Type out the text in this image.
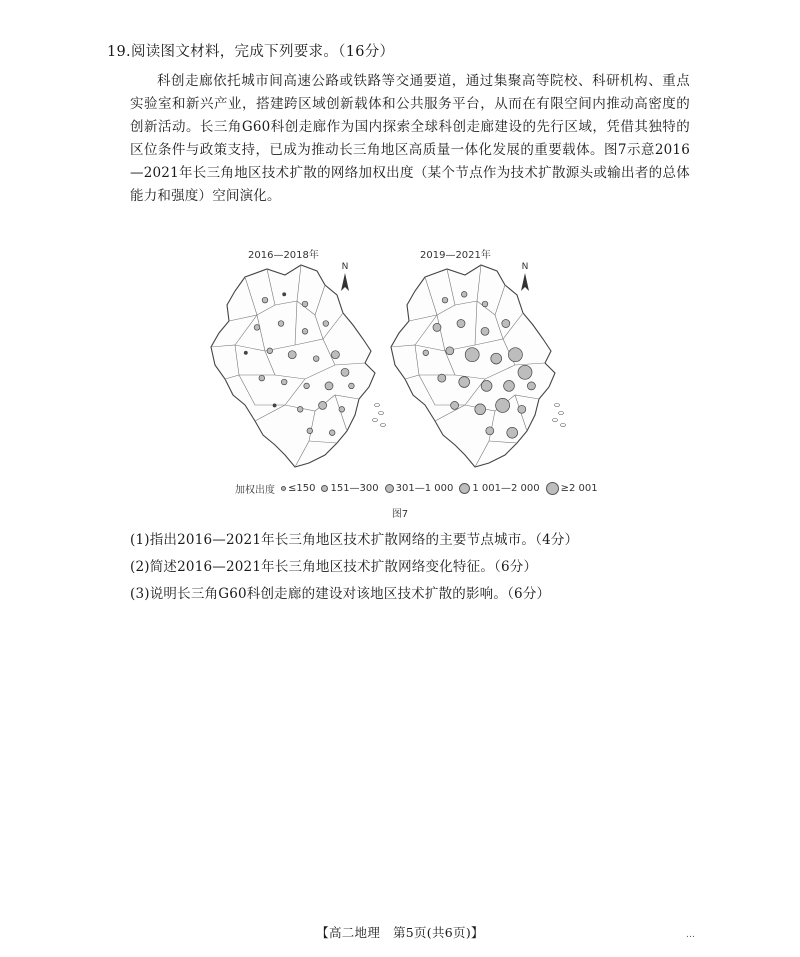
19.阅读图文材料，完成下列要求。（16分）

科创走廊依托城市间高速公路或铁路等交通要道，通过集聚高等院校、科研机构、重点实验室和新兴产业，搭建跨区域创新载体和公共服务平台，从而在有限空间内推动高密度的创新活动。长三角G60科创走廊作为国内探索全球科创走廊建设的先行区域，凭借其独特的区位条件与政策支持，已成为推动长三角地区高质量一体化发展的重要载体。图7示意2016—2021年长三角地区技术扩散的网络加权出度（某个节点作为技术扩散源头或输出者的总体能力和强度）空间演化。

2016—2018年	2019—2021年
N	N
加权出度 ≤150 151—300 301—1 000 1 001—2 000 ≥2 001
图7
(1)指出2016—2021年长三角地区技术扩散网络的主要节点城市。（4分）
(2)简述2016—2021年长三角地区技术扩散网络变化特征。（6分）
(3)说明长三角G60科创走廊的建设对该地区技术扩散的影响。（6分）
【高二地理　第5页(共6页)】	…
